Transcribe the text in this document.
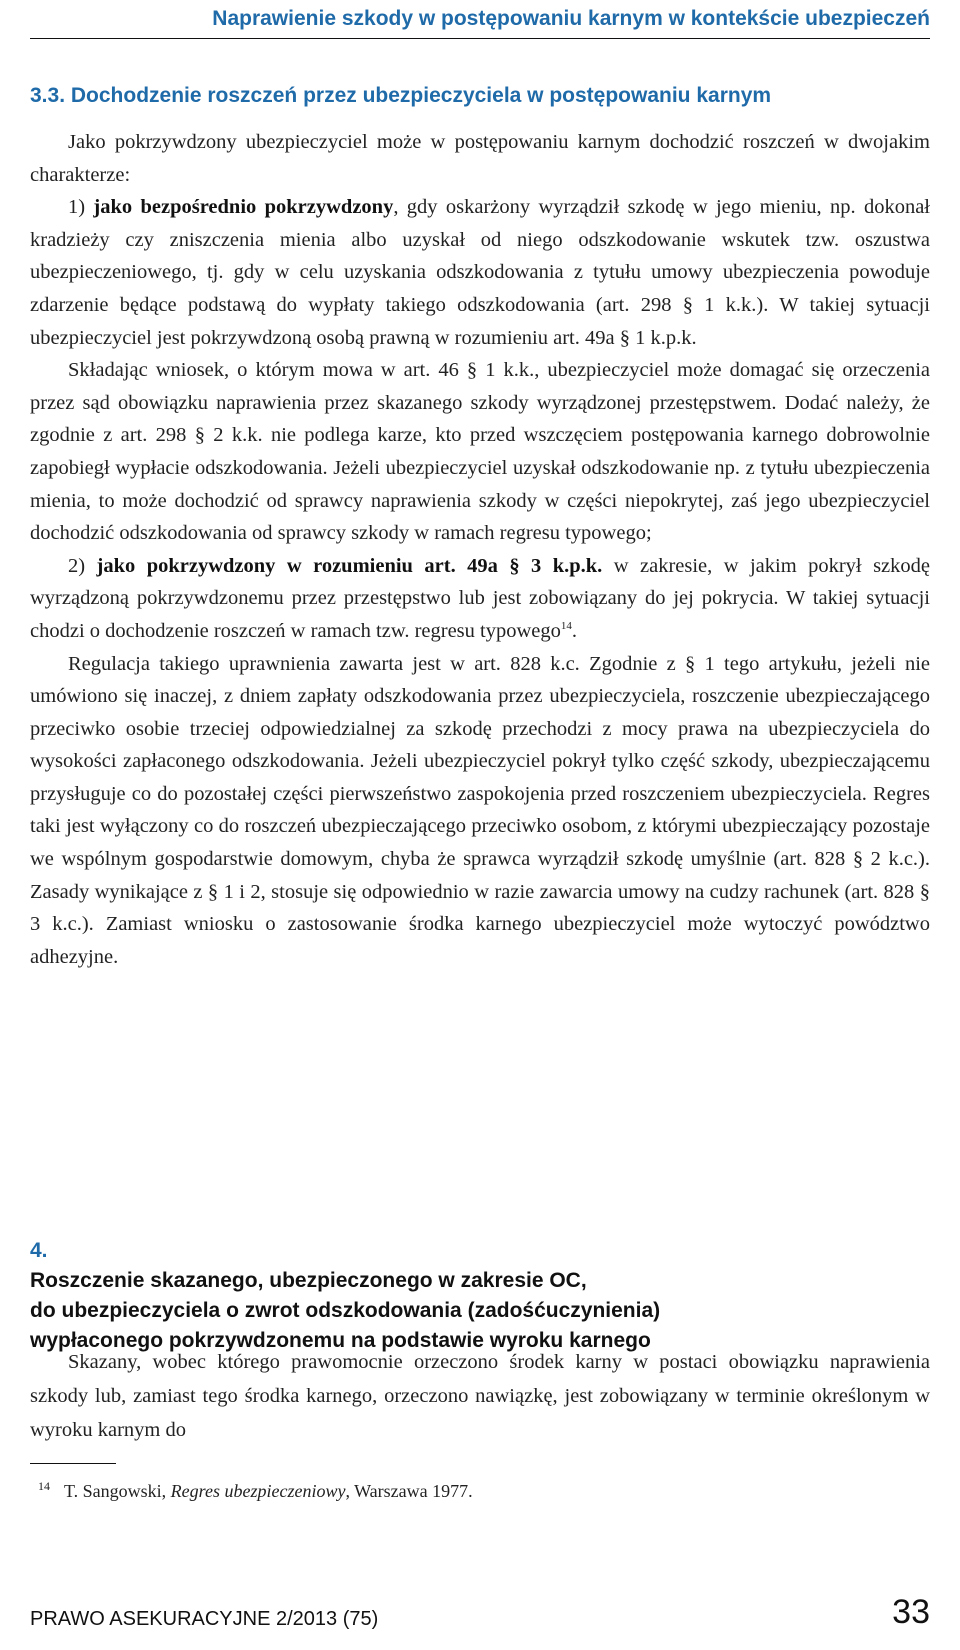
Naprawienie szkody w postępowaniu karnym w kontekście ubezpieczeń
3.3. Dochodzenie roszczeń przez ubezpieczyciela w postępowaniu karnym

Jako pokrzywdzony ubezpieczyciel może w postępowaniu karnym dochodzić roszczeń w dwojakim charakterze:

1) jako bezpośrednio pokrzywdzony, gdy oskarżony wyrządził szkodę w jego mieniu, np. dokonał kradzieży czy zniszczenia mienia albo uzyskał od niego odszkodowanie wskutek tzw. oszustwa ubezpieczeniowego, tj. gdy w celu uzyskania odszkodowania z tytułu umowy ubezpieczenia powoduje zdarzenie będące podstawą do wypłaty takiego odszkodowania (art. 298 § 1 k.k.). W takiej sytuacji ubezpieczyciel jest pokrzywdzoną osobą prawną w rozumieniu art. 49a § 1 k.p.k.

Składając wniosek, o którym mowa w art. 46 § 1 k.k., ubezpieczyciel może domagać się orzeczenia przez sąd obowiązku naprawienia przez skazanego szkody wyrządzonej przestępstwem. Dodać należy, że zgodnie z art. 298 § 2 k.k. nie podlega karze, kto przed wszczęciem postępowania karnego dobrowolnie zapobiegł wypłacie odszkodowania. Jeżeli ubezpieczyciel uzyskał odszkodowanie np. z tytułu ubezpieczenia mienia, to może dochodzić od sprawcy naprawienia szkody w części niepokrytej, zaś jego ubezpieczyciel dochodzić odszkodowania od sprawcy szkody w ramach regresu typowego;

2) jako pokrzywdzony w rozumieniu art. 49a § 3 k.p.k. w zakresie, w jakim pokrył szkodę wyrządzoną pokrzywdzonemu przez przestępstwo lub jest zobowiązany do jej pokrycia. W takiej sytuacji chodzi o dochodzenie roszczeń w ramach tzw. regresu typowego$^{14}$.

Regulacja takiego uprawnienia zawarta jest w art. 828 k.c. Zgodnie z § 1 tego artykułu, jeżeli nie umówiono się inaczej, z dniem zapłaty odszkodowania przez ubezpieczyciela, roszczenie ubezpieczającego przeciwko osobie trzeciej odpowiedzialnej za szkodę przechodzi z mocy prawa na ubezpieczyciela do wysokości zapłaconego odszkodowania. Jeżeli ubezpieczyciel pokrył tylko część szkody, ubezpieczającemu przysługuje co do pozostałej części pierwszeństwo zaspokojenia przed roszczeniem ubezpieczyciela. Regres taki jest wyłączony co do roszczeń ubezpieczającego przeciwko osobom, z którymi ubezpieczający pozostaje we wspólnym gospodarstwie domowym, chyba że sprawca wyrządził szkodę umyślnie (art. 828 § 2 k.c.). Zasady wynikające z § 1 i 2, stosuje się odpowiednio w razie zawarcia umowy na cudzy rachunek (art. 828 § 3 k.c.). Zamiast wniosku o zastosowanie środka karnego ubezpieczyciel może wytoczyć powództwo adhezyjne.

4.
Roszczenie skazanego, ubezpieczonego w zakresie OC,
do ubezpieczyciela o zwrot odszkodowania (zadośćuczynienia)
wypłaconego pokrzywdzonemu na podstawie wyroku karnego

Skazany, wobec którego prawomocnie orzeczono środek karny w postaci obowiązku naprawienia szkody lub, zamiast tego środka karnego, orzeczono nawiązkę, jest zobowiązany w terminie określonym w wyroku karnym do

$^{14}$ T. Sangowski, Regres ubezpieczeniowy, Warszawa 1977.
PRAWO ASEKURACYJNE 2/2013 (75)	33
